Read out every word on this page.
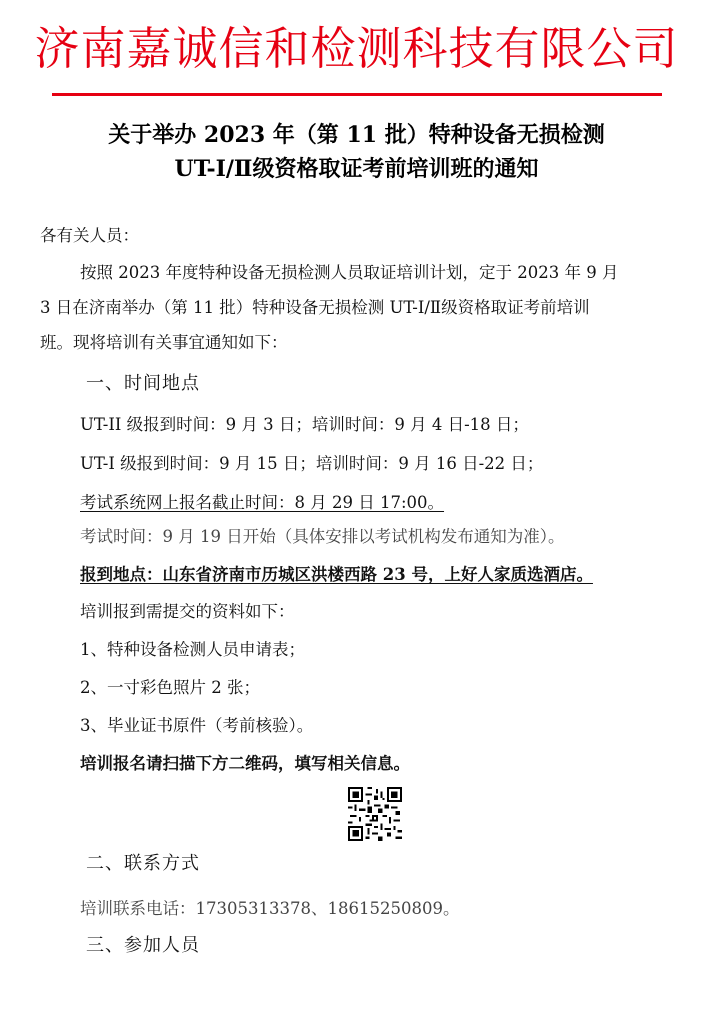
济南嘉诚信和检测科技有限公司
关于举办 2023 年（第 11 批）特种设备无损检测
UT-I/Ⅱ级资格取证考前培训班的通知
各有关人员：
按照 2023 年度特种设备无损检测人员取证培训计划，定于 2023 年 9 月
3 日在济南举办（第 11 批）特种设备无损检测 UT-I/Ⅱ级资格取证考前培训
班。现将培训有关事宜通知如下：
一、时间地点
UT-II 级报到时间：9 月 3 日；培训时间：9 月 4 日-18 日；
UT-I 级报到时间：9 月 15 日；培训时间：9 月 16 日-22 日；
考试系统网上报名截止时间：8 月 29 日 17:00。
考试时间：9 月 19 日开始（具体安排以考试机构发布通知为准）。
报到地点：山东省济南市历城区洪楼西路 23 号，上好人家质选酒店。
培训报到需提交的资料如下：
1、特种设备检测人员申请表；
2、一寸彩色照片 2 张；
3、毕业证书原件（考前核验）。
培训报名请扫描下方二维码，填写相关信息。
二、联系方式
培训联系电话：17305313378、18615250809。
三、参加人员
